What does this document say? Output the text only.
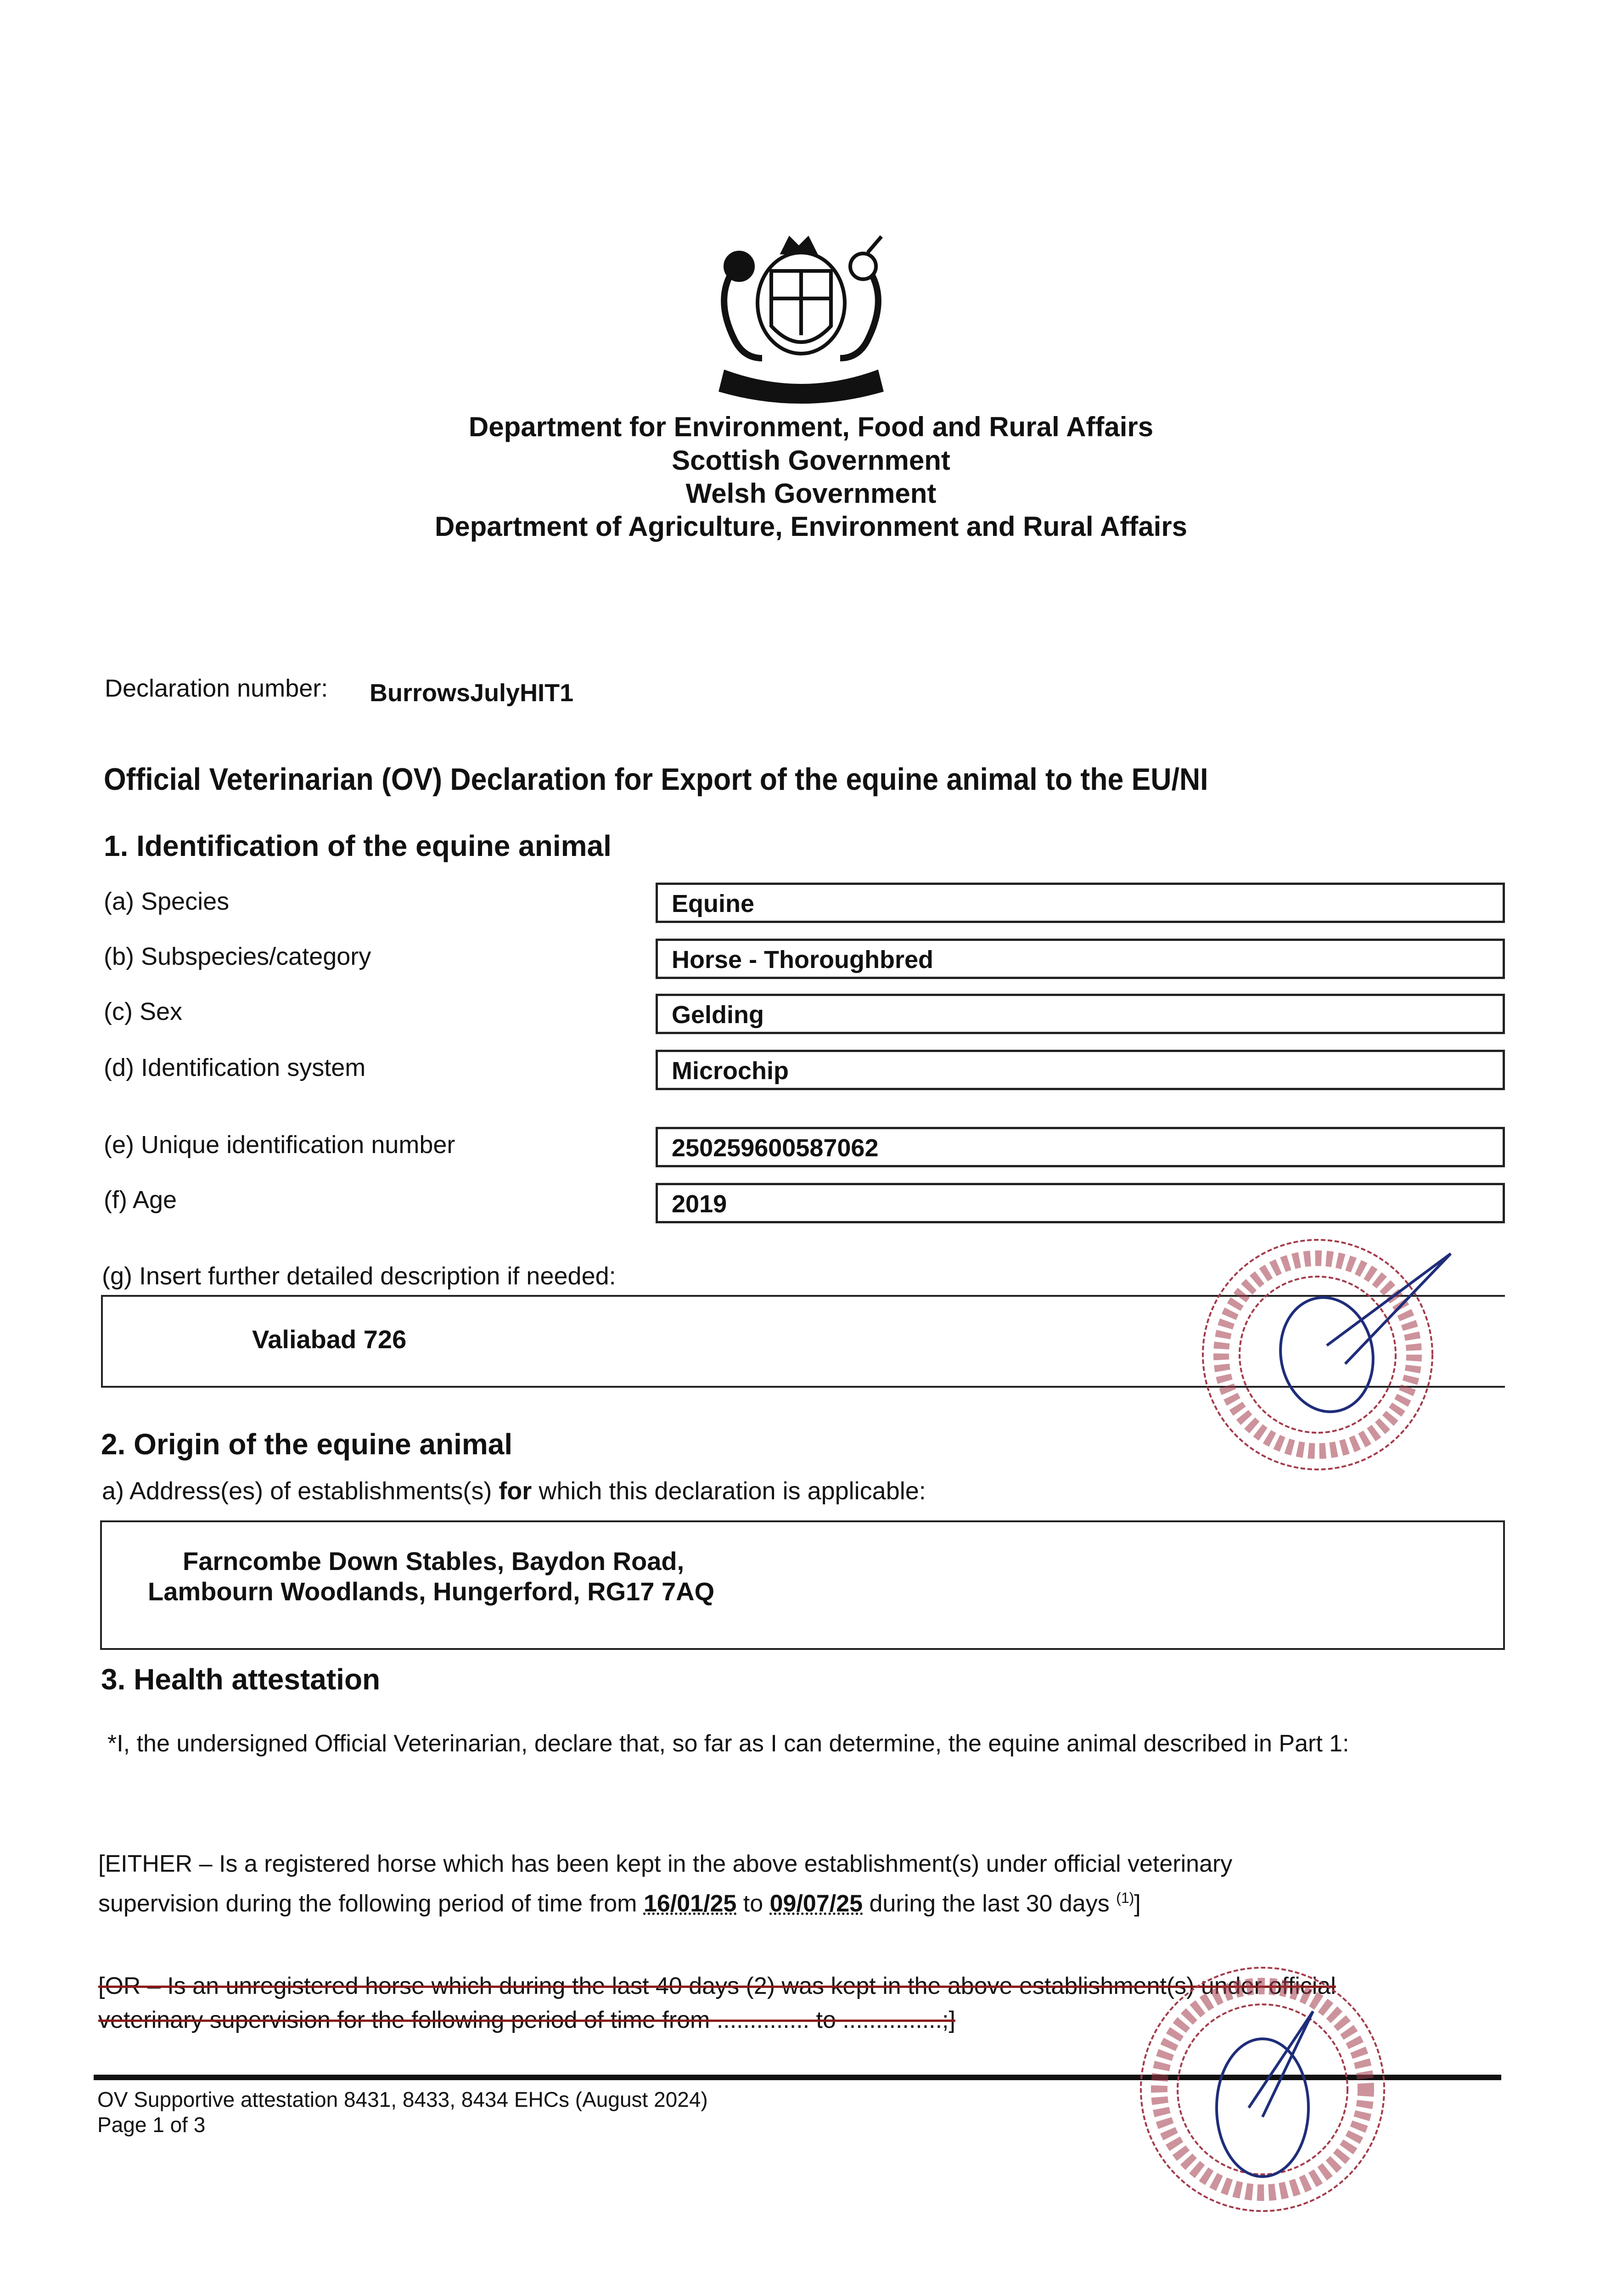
Department for Environment, Food and Rural Affairs
Scottish Government
Welsh Government
Department of Agriculture, Environment and Rural Affairs
Declaration number: BurrowsJulyHIT1
Official Veterinarian (OV) Declaration for Export of the equine animal to the EU/NI
1. Identification of the equine animal
(a) Species	Equine
(b) Subspecies/category	Horse - Thoroughbred
(c) Sex	Gelding
(d) Identification system	Microchip
(e) Unique identification number	250259600587062
(f) Age	2019
(g) Insert further detailed description if needed:
Valiabad 726
2. Origin of the equine animal
a) Address(es) of establishments(s) for which this declaration is applicable:
Farncombe Down Stables, Baydon Road,
Lambourn Woodlands, Hungerford, RG17 7AQ
3. Health attestation
*I, the undersigned Official Veterinarian, declare that, so far as I can determine, the equine animal described in Part 1:
[EITHER – Is a registered horse which has been kept in the above establishment(s) under official veterinary
supervision during the following period of time from 16/01/25 to 09/07/25 during the last 30 days $^{(1)}$]
[OR – Is an unregistered horse which during the last 40 days (2) was kept in the above establishment(s) under official
veterinary supervision for the following period of time from .............. to ...............;]
OV Supportive attestation 8431, 8433, 8434 EHCs (August 2024)
Page 1 of 3
